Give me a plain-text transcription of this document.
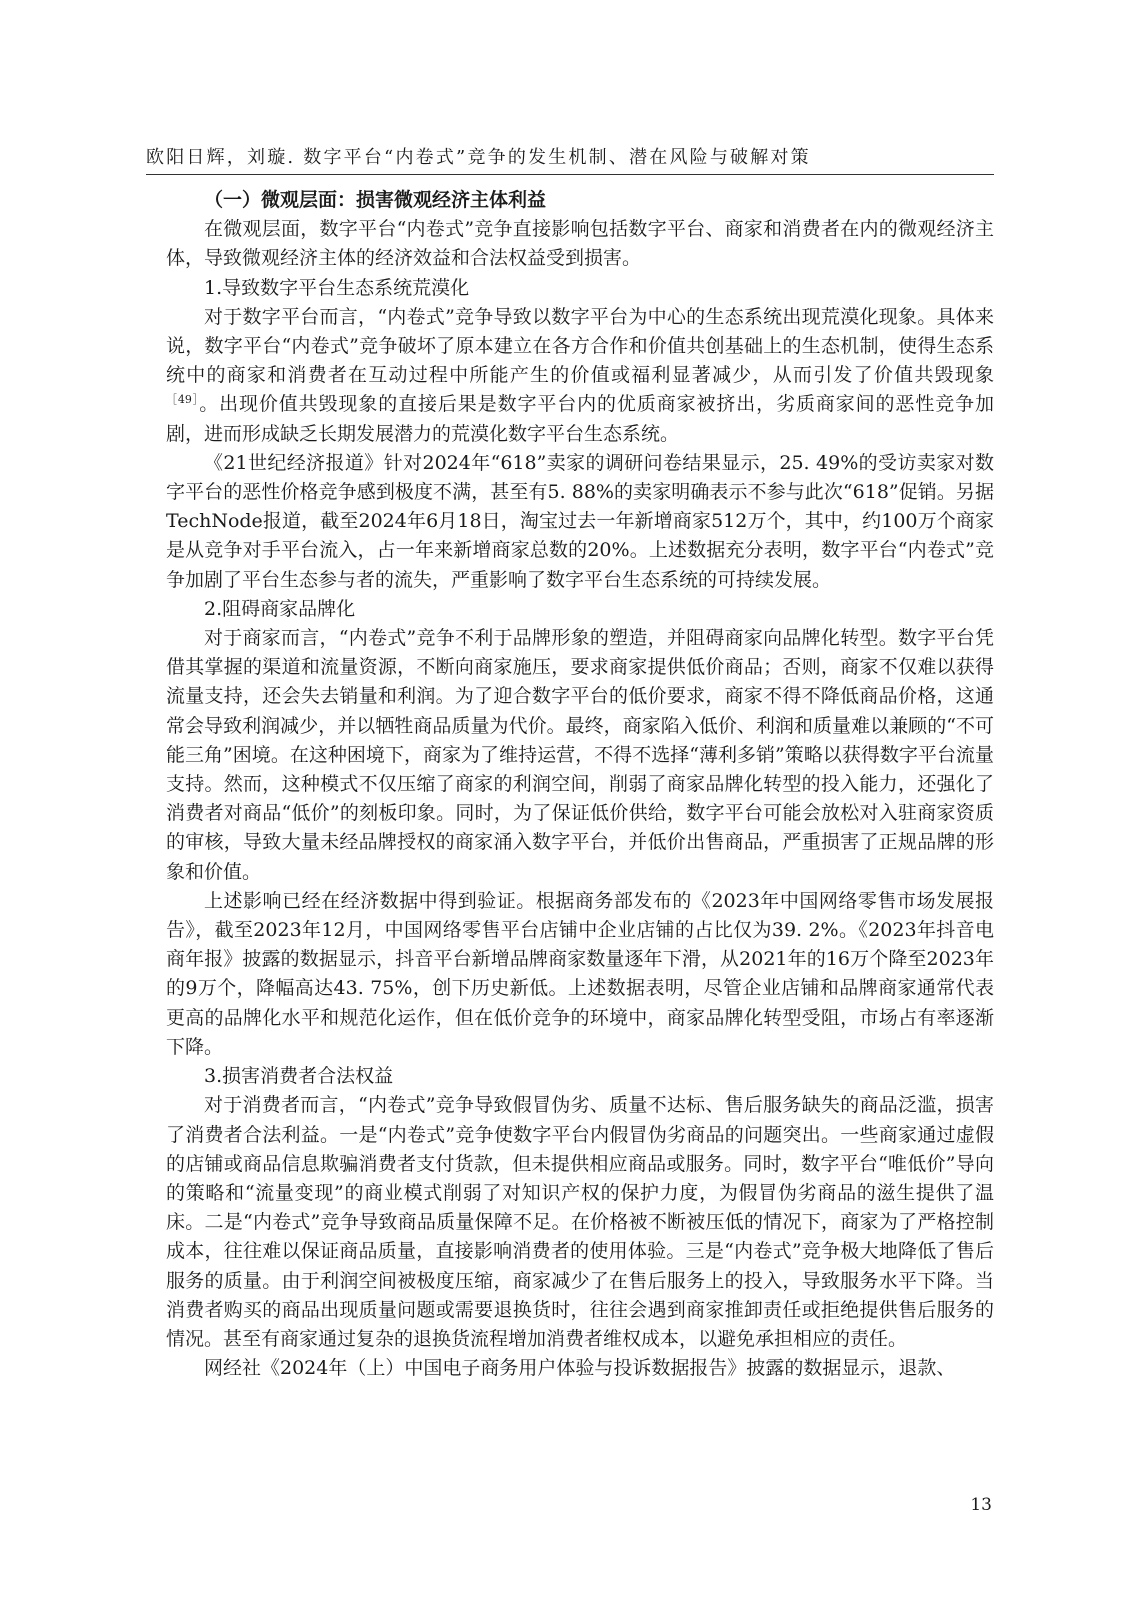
欧阳日辉，刘璇. 数字平台“内卷式”竞争的发生机制、潜在风险与破解对策
（一）微观层面：损害微观经济主体利益

在微观层面，数字平台“内卷式”竞争直接影响包括数字平台、商家和消费者在内的微观经济主体，导致微观经济主体的经济效益和合法权益受到损害。

1.导致数字平台生态系统荒漠化

对于数字平台而言，“内卷式”竞争导致以数字平台为中心的生态系统出现荒漠化现象。具体来说，数字平台“内卷式”竞争破坏了原本建立在各方合作和价值共创基础上的生态机制，使得生态系统中的商家和消费者在互动过程中所能产生的价值或福利显著减少，从而引发了价值共毁现象$^{[49]}$。出现价值共毁现象的直接后果是数字平台内的优质商家被挤出，劣质商家间的恶性竞争加剧，进而形成缺乏长期发展潜力的荒漠化数字平台生态系统。

《21世纪经济报道》针对2024年“618”卖家的调研问卷结果显示，25. 49%的受访卖家对数字平台的恶性价格竞争感到极度不满，甚至有5. 88%的卖家明确表示不参与此次“618”促销。另据TechNode报道，截至2024年6月18日，淘宝过去一年新增商家512万个，其中，约100万个商家是从竞争对手平台流入，占一年来新增商家总数的20%。上述数据充分表明，数字平台“内卷式”竞争加剧了平台生态参与者的流失，严重影响了数字平台生态系统的可持续发展。

2.阻碍商家品牌化

对于商家而言，“内卷式”竞争不利于品牌形象的塑造，并阻碍商家向品牌化转型。数字平台凭借其掌握的渠道和流量资源，不断向商家施压，要求商家提供低价商品；否则，商家不仅难以获得流量支持，还会失去销量和利润。为了迎合数字平台的低价要求，商家不得不降低商品价格，这通常会导致利润减少，并以牺牲商品质量为代价。最终，商家陷入低价、利润和质量难以兼顾的“不可能三角”困境。在这种困境下，商家为了维持运营，不得不选择“薄利多销”策略以获得数字平台流量支持。然而，这种模式不仅压缩了商家的利润空间，削弱了商家品牌化转型的投入能力，还强化了消费者对商品“低价”的刻板印象。同时，为了保证低价供给，数字平台可能会放松对入驻商家资质的审核，导致大量未经品牌授权的商家涌入数字平台，并低价出售商品，严重损害了正规品牌的形象和价值。

上述影响已经在经济数据中得到验证。根据商务部发布的《2023年中国网络零售市场发展报告》，截至2023年12月，中国网络零售平台店铺中企业店铺的占比仅为39. 2%。《2023年抖音电商年报》披露的数据显示，抖音平台新增品牌商家数量逐年下滑，从2021年的16万个降至2023年的9万个，降幅高达43. 75%，创下历史新低。上述数据表明，尽管企业店铺和品牌商家通常代表更高的品牌化水平和规范化运作，但在低价竞争的环境中，商家品牌化转型受阻，市场占有率逐渐下降。

3.损害消费者合法权益

对于消费者而言，“内卷式”竞争导致假冒伪劣、质量不达标、售后服务缺失的商品泛滥，损害了消费者合法利益。一是“内卷式”竞争使数字平台内假冒伪劣商品的问题突出。一些商家通过虚假的店铺或商品信息欺骗消费者支付货款，但未提供相应商品或服务。同时，数字平台“唯低价”导向的策略和“流量变现”的商业模式削弱了对知识产权的保护力度，为假冒伪劣商品的滋生提供了温床。二是“内卷式”竞争导致商品质量保障不足。在价格被不断被压低的情况下，商家为了严格控制成本，往往难以保证商品质量，直接影响消费者的使用体验。三是“内卷式”竞争极大地降低了售后服务的质量。由于利润空间被极度压缩，商家减少了在售后服务上的投入，导致服务水平下降。当消费者购买的商品出现质量问题或需要退换货时，往往会遇到商家推卸责任或拒绝提供售后服务的情况。甚至有商家通过复杂的退换货流程增加消费者维权成本，以避免承担相应的责任。

网经社《2024年（上）中国电子商务用户体验与投诉数据报告》披露的数据显示，退款、

13
